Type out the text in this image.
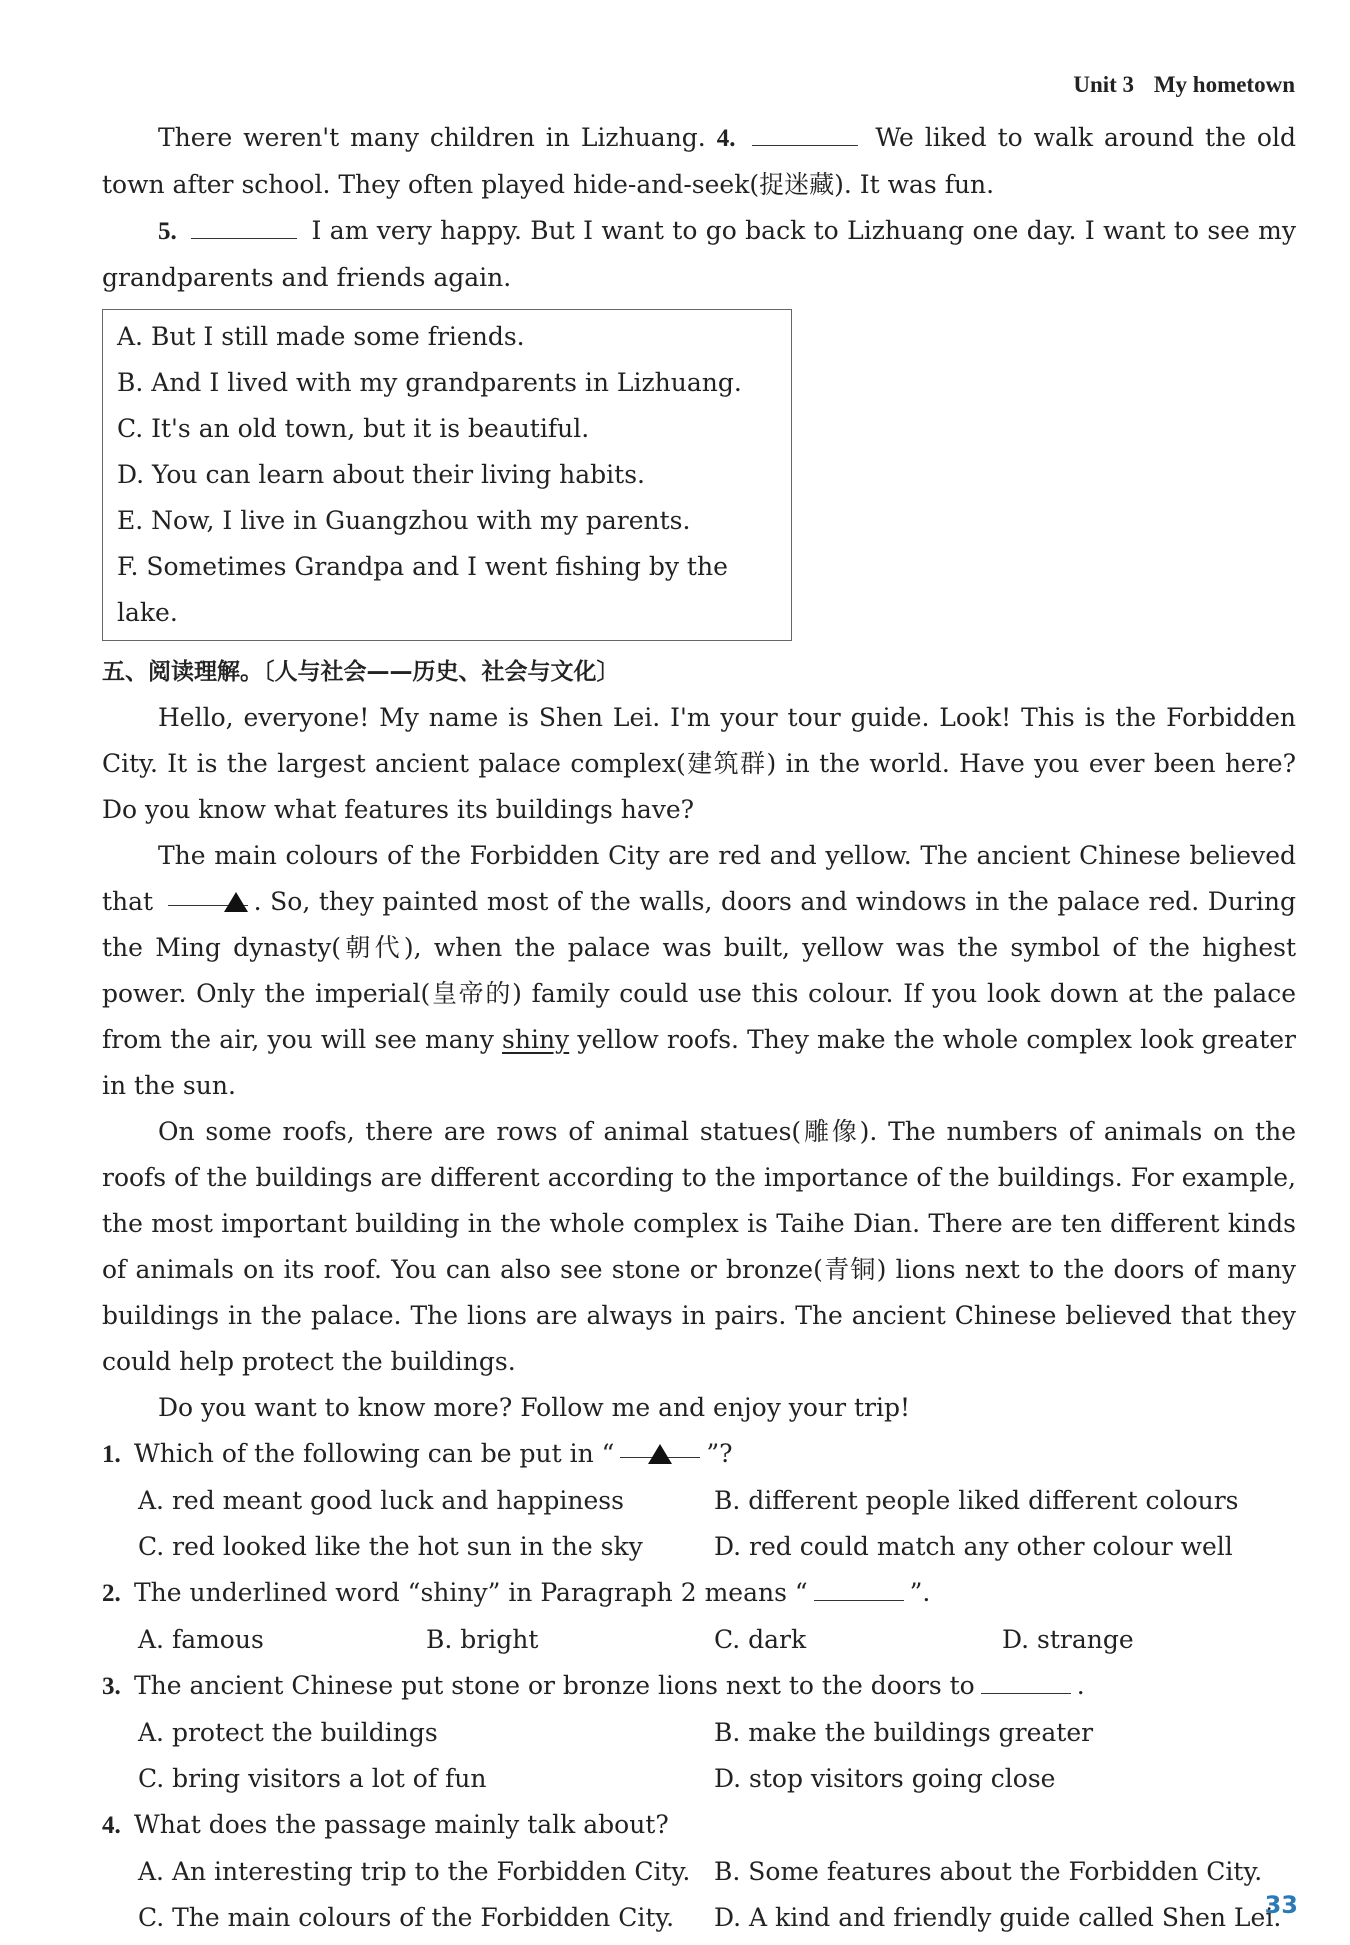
Unit 3 My hometown

There weren't many children in Lizhuang. 4.	We liked to walk around the old town after school. They often played hide-and-seek(捉迷藏). It was fun.

5.	I am very happy. But I want to go back to Lizhuang one day. I want to see my grandparents and friends again.

A. But I still made some friends.
B. And I lived with my grandparents in Lizhuang.
C. It's an old town, but it is beautiful.
D. You can learn about their living habits.
E. Now, I live in Guangzhou with my parents.
F. Sometimes Grandpa and I went fishing by the lake.
五、阅读理解。〔人与社会——历史、社会与文化〕

Hello, everyone! My name is Shen Lei. I'm your tour guide. Look! This is the Forbidden City. It is the largest ancient palace complex(建筑群) in the world. Have you ever been here? Do you know what features its buildings have?

The main colours of the Forbidden City are red and yellow. The ancient Chinese believed that	. So, they painted most of the walls, doors and windows in the palace red. During the Ming dynasty(朝代), when the palace was built, yellow was the symbol of the highest power. Only the imperial(皇帝的) family could use this colour. If you look down at the palace from the air, you will see many shiny yellow roofs. They make the whole complex look greater in the sun.

On some roofs, there are rows of animal statues(雕像). The numbers of animals on the roofs of the buildings are different according to the importance of the buildings. For example, the most important building in the whole complex is Taihe Dian. There are ten different kinds of animals on its roof. You can also see stone or bronze(青铜) lions next to the doors of many buildings in the palace. The lions are always in pairs. The ancient Chinese believed that they could help protect the buildings.

Do you want to know more? Follow me and enjoy your trip!

1. Which of the following can be put in “	”?
A. red meant good luck and happiness	B. different people liked different colours
C. red looked like the hot sun in the sky	D. red could match any other colour well
2. The underlined word “shiny” in Paragraph 2 means “	”.
A. famous	B. bright	C. dark	D. strange
3. The ancient Chinese put stone or bronze lions next to the doors to	.
A. protect the buildings	B. make the buildings greater
C. bring visitors a lot of fun	D. stop visitors going close
4. What does the passage mainly talk about?
A. An interesting trip to the Forbidden City. B. Some features about the Forbidden City.
C. The main colours of the Forbidden City.	D. A kind and friendly guide called Shen Lei.
33
